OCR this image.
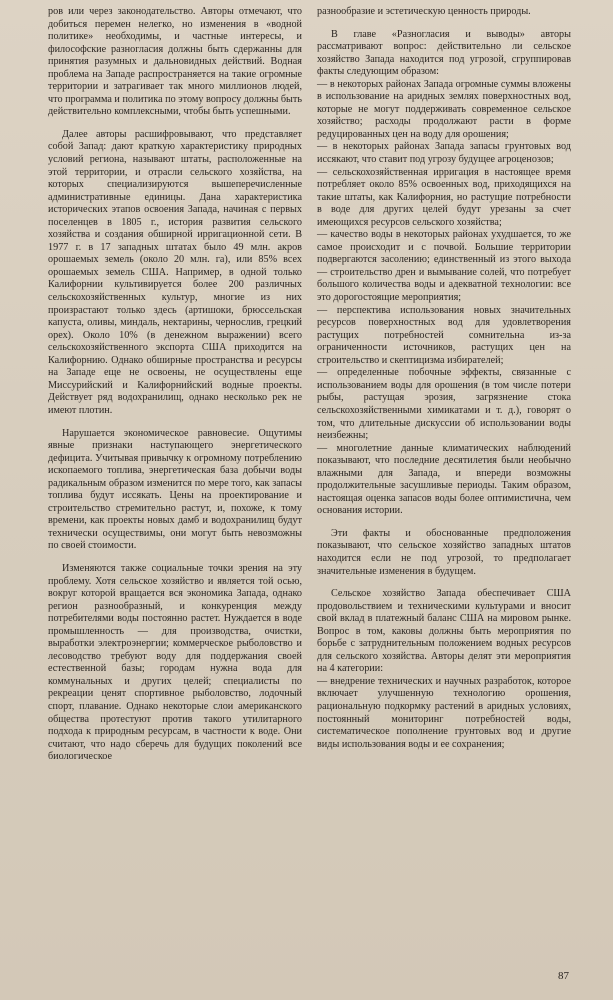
ров или через законодательство. Авторы отмечают, что добиться перемен нелегко, но изменения в «водной политике» необходимы, и частные интересы, и философские разногласия должны быть сдержанны для принятия разумных и дальновидных действий. Водная проблема на Западе распространяется на такие огромные территории и затрагивает так много миллионов людей, что программа и политика по этому вопросу должны быть действительно комплексными, чтобы быть успешными.

Далее авторы расшифровывают, что представляет собой Запад: дают краткую характеристику природных условий региона, называют штаты, расположенные на этой территории, и отрасли сельского хозяйства, на которых специализируются вышеперечисленные административные единицы. Дана характеристика исторических этапов освоения Запада, начиная с первых поселенцев в 1805 г., история развития сельского хозяйства и создания обширной ирригационной сети. В 1977 г. в 17 западных штатах было 49 млн. акров орошаемых земель (около 20 млн. га), или 85% всех орошаемых земель США. Например, в одной только Калифорнии культивируется более 200 различных сельскохозяйственных культур, многие из них произрастают только здесь (артишоки, брюссельская капуста, оливы, миндаль, нектарины, чернослив, грецкий орех). Около 10% (в денежном выражении) всего сельскохозяйственного экспорта США приходится на Калифорнию. Однако обширные пространства и ресурсы на Западе еще не освоены, не осуществлены еще Миссурийский и Калифорнийский водные проекты. Действует ряд водохранилищ, однако несколько рек не имеют плотин.

Нарушается экономическое равновесие. Ощутимы явные признаки наступающего энергетического дефицита. Учитывая привычку к огромному потреблению ископаемого топлива, энергетическая база добычи воды радикальным образом изменится по мере того, как запасы топлива будут иссякать. Цены на проектирование и строительство стремительно растут, и, похоже, к тому времени, как проекты новых дамб и водохранилищ будут технически осуществимы, они могут быть невозможны по своей стоимости.

Изменяются также социальные точки зрения на эту проблему. Хотя сельское хозяйство и является той осью, вокруг которой вращается вся экономика Запада, однако регион разнообразный, и конкуренция между потребителями воды постоянно растет. Нуждается в воде промышленность — для производства, очистки, выработки электроэнергии; коммерческое рыболовство и лесоводство требуют воду для поддержания своей естественной базы; городам нужна вода для коммунальных и других целей; специалисты по рекреации ценят спортивное рыболовство, лодочный спорт, плавание. Однако некоторые слои американского общества протестуют против такого утилитарного подхода к природным ресурсам, в частности к воде. Они считают, что надо сберечь для будущих поколений все биологическое

разнообразие и эстетическую ценность природы.

В главе «Разногласия и выводы» авторы рассматривают вопрос: действительно ли сельское хозяйство Запада находится под угрозой, сгруппировав факты следующим образом:

— в некоторых районах Запада огромные суммы вложены в использование на аридных землях поверхностных вод, которые не могут поддерживать современное сельское хозяйство; расходы продолжают расти в форме редуцированных цен на воду для орошения;

— в некоторых районах Запада запасы грунтовых вод иссякают, что ставит под угрозу будущее агроценозов;

— сельскохозяйственная ирригация в настоящее время потребляет около 85% освоенных вод, приходящихся на такие штаты, как Калифорния, но растущие потребности в воде для других целей будут урезаны за счет имеющихся ресурсов сельского хозяйства;

— качество воды в некоторых районах ухудшается, то же самое происходит и с почвой. Большие территории подвергаются засолению; единственный из этого выхода — строительство дрен и вымывание солей, что потребует большого количества воды и адекватной технологии: все это дорогостоящие мероприятия;

— перспектива использования новых значительных ресурсов поверхностных вод для удовлетворения растущих потребностей сомнительна из-за ограниченности источников, растущих цен на строительство и скептицизма избирателей;

— определенные побочные эффекты, связанные с использованием воды для орошения (в том числе потери рыбы, растущая эрозия, загрязнение стока сельскохозяйственными химикатами и т. д.), говорят о том, что длительные дискуссии об использовании воды неизбежны;

— многолетние данные климатических наблюдений показывают, что последние десятилетия были необычно влажными для Запада, и впереди возможны продолжительные засушливые периоды. Таким образом, настоящая оценка запасов воды более оптимистична, чем основания истории.

Эти факты и обоснованные предположения показывают, что сельское хозяйство западных штатов находится если не под угрозой, то предполагает значительные изменения в будущем.

Сельское хозяйство Запада обеспечивает США продовольствием и техническими культурами и вносит свой вклад в платежный баланс США на мировом рынке. Вопрос в том, каковы должны быть мероприятия по борьбе с затруднительным положением водных ресурсов для сельского хозяйства. Авторы делят эти мероприятия на 4 категории:

— внедрение технических и научных разработок, которое включает улучшенную технологию орошения, рациональную подкормку растений в аридных условиях, постоянный мониторинг потребностей воды, систематическое пополнение грунтовых вод и другие виды использования воды и ее сохранения;

87
